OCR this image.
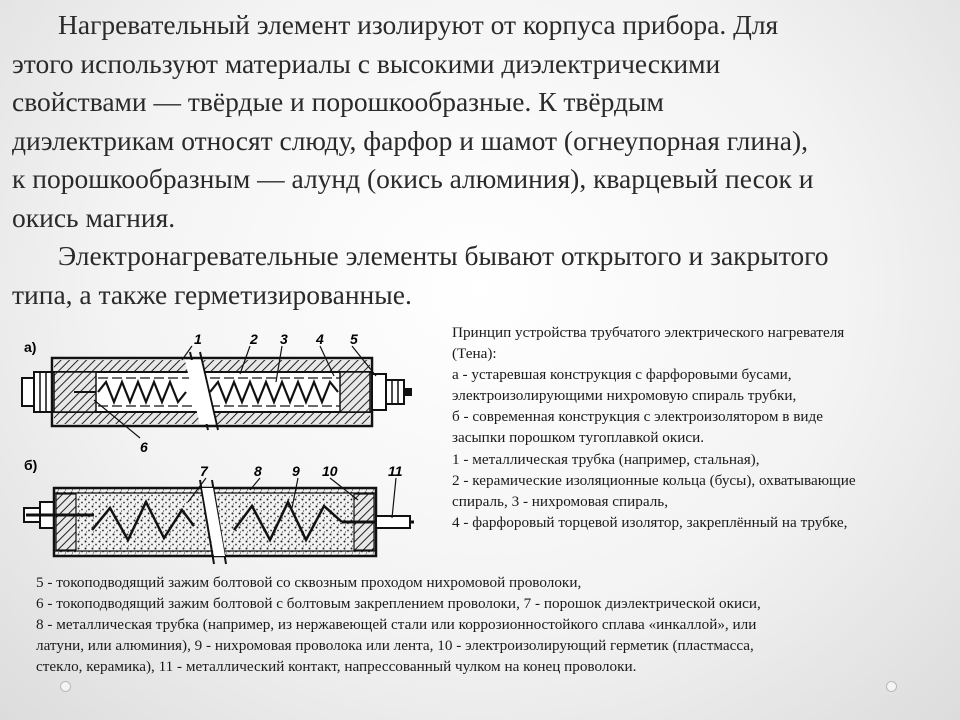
Нагревательный элемент изолируют от корпуса прибора. Для
этого используют материалы с высокими диэлектрическими
свойствами — твёрдые и порошкообразные. К твёрдым
диэлектрикам относят слюду, фарфор и шамот (огнеупорная глина),
к порошкообразным — алунд (окись алюминия), кварцевый песок и
окись магния.

Электронагревательные элементы бывают открытого и закрытого
типа, а также герметизированные.

а)	1	2 3 4 5
6
б)	7	8 9 10	11
Принцип устройства трубчатого электрического нагревателя
(Тена):
а - устаревшая конструкция с фарфоровыми бусами,
электроизолирующими нихромовую спираль трубки,
б - современная конструкция с электроизолятором в виде
засыпки порошком тугоплавкой окиси.
1 - металлическая трубка (например, стальная),
2 - керамические изоляционные кольца (бусы), охватывающие
спираль, 3 - нихромовая спираль,
4 - фарфоровый торцевой изолятор, закреплённый на трубке,
5 - токоподводящий зажим болтовой со сквозным проходом нихромовой проволоки,
6 - токоподводящий зажим болтовой с болтовым закреплением проволоки, 7 - порошок диэлектрической окиси,
8 - металлическая трубка (например, из нержавеющей стали или коррозионностойкого сплава «инкаллой», или
латуни, или алюминия), 9 - нихромовая проволока или лента, 10 - электроизолирующий герметик (пластмасса,
стекло, керамика), 11 - металлический контакт, напрессованный чулком на конец проволоки.
